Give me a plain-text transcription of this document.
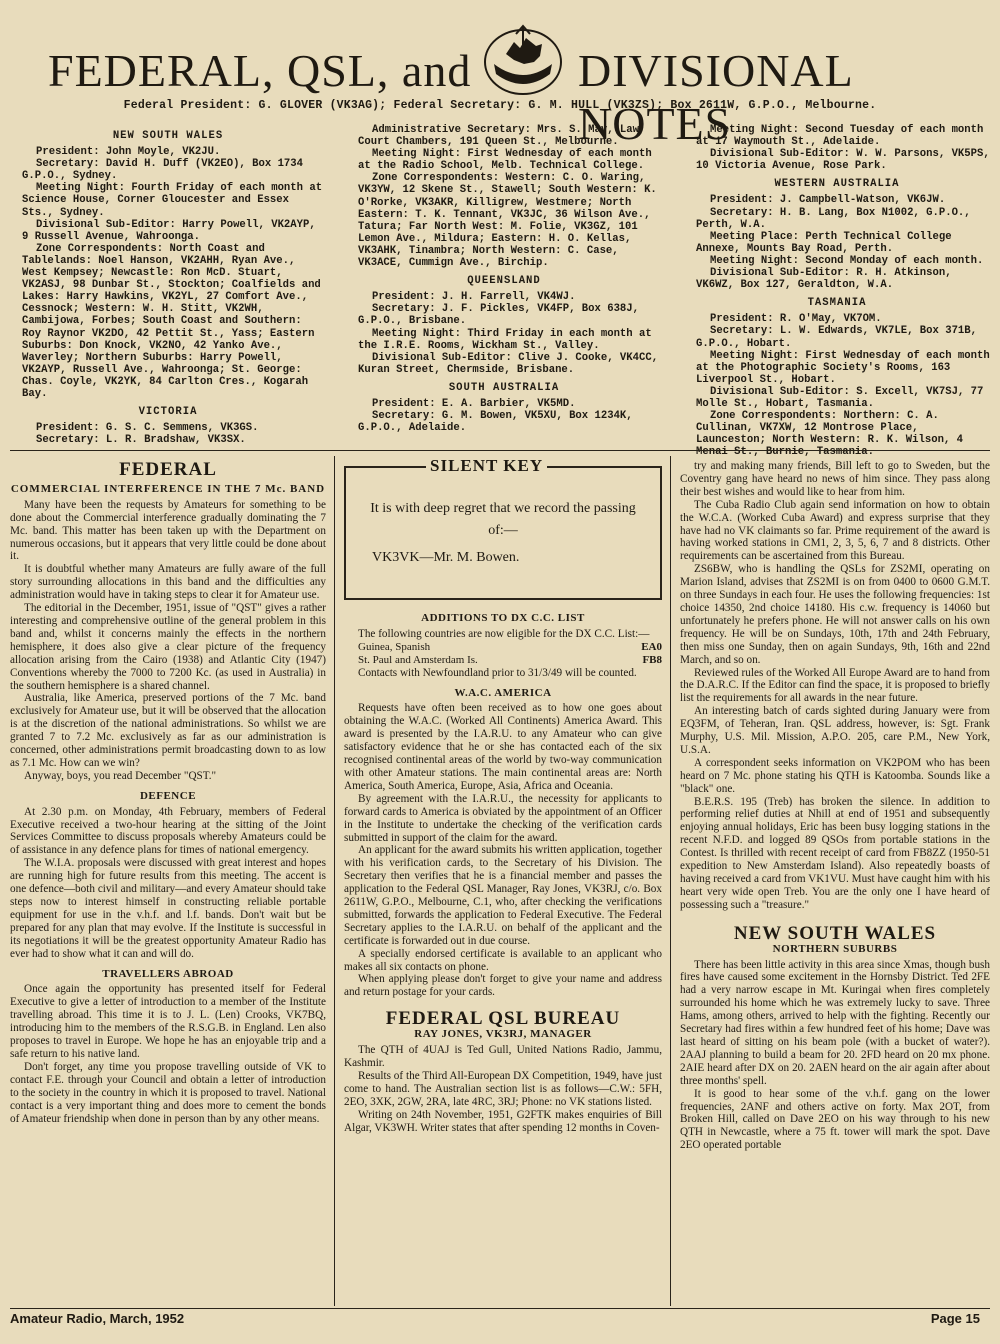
FEDERAL, QSL, and DIVISIONAL NOTES
Federal President: G. GLOVER (VK3AG); Federal Secretary: G. M. HULL (VK3ZS); Box 2611W, G.P.O., Melbourne.
NEW SOUTH WALES

President: John Moyle, VK2JU.

Secretary: David H. Duff (VK2EO), Box 1734 G.P.O., Sydney.

Meeting Night: Fourth Friday of each month at Science House, Corner Gloucester and Essex Sts., Sydney.

Divisional Sub-Editor: Harry Powell, VK2AYP, 9 Russell Avenue, Wahroonga.

Zone Correspondents: North Coast and Tablelands: Noel Hanson, VK2AHH, Ryan Ave., West Kempsey; Newcastle: Ron McD. Stuart, VK2ASJ, 98 Dunbar St., Stockton; Coalfields and Lakes: Harry Hawkins, VK2YL, 27 Comfort Ave., Cessnock; Western: W. H. Stitt, VK2WH, Cambijowa, Forbes; South Coast and Southern: Roy Raynor VK2DO, 42 Pettit St., Yass; Eastern Suburbs: Don Knock, VK2NO, 42 Yanko Ave., Waverley; Northern Suburbs: Harry Powell, VK2AYP, Russell Ave., Wahroonga; St. George: Chas. Coyle, VK2YK, 84 Carlton Cres., Kogarah Bay.

VICTORIA

President: G. S. C. Semmens, VK3GS.

Secretary: L. R. Bradshaw, VK3SX.

Administrative Secretary: Mrs. S. May, Law Court Chambers, 191 Queen St., Melbourne.

Meeting Night: First Wednesday of each month at the Radio School, Melb. Technical College.

Zone Correspondents: Western: C. O. Waring, VK3YW, 12 Skene St., Stawell; South Western: K. O'Rorke, VK3AKR, Killigrew, Westmere; North Eastern: T. K. Tennant, VK3JC, 36 Wilson Ave., Tatura; Far North West: M. Folie, VK3GZ, 101 Lemon Ave., Mildura; Eastern: H. O. Kellas, VK3AHK, Tinambra; North Western: C. Case, VK3ACE, Cummign Ave., Birchip.

QUEENSLAND

President: J. H. Farrell, VK4WJ.

Secretary: J. F. Pickles, VK4FP, Box 638J, G.P.O., Brisbane.

Meeting Night: Third Friday in each month at the I.R.E. Rooms, Wickham St., Valley.

Divisional Sub-Editor: Clive J. Cooke, VK4CC, Kuran Street, Chermside, Brisbane.

SOUTH AUSTRALIA

President: E. A. Barbier, VK5MD.

Secretary: G. M. Bowen, VK5XU, Box 1234K, G.P.O., Adelaide.

Meeting Night: Second Tuesday of each month at 17 Waymouth St., Adelaide.

Divisional Sub-Editor: W. W. Parsons, VK5PS, 10 Victoria Avenue, Rose Park.

WESTERN AUSTRALIA

President: J. Campbell-Watson, VK6JW.

Secretary: H. B. Lang, Box N1002, G.P.O., Perth, W.A.

Meeting Place: Perth Technical College Annexe, Mounts Bay Road, Perth.

Meeting Night: Second Monday of each month.

Divisional Sub-Editor: R. H. Atkinson, VK6WZ, Box 127, Geraldton, W.A.

TASMANIA

President: R. O'May, VK7OM.

Secretary: L. W. Edwards, VK7LE, Box 371B, G.P.O., Hobart.

Meeting Night: First Wednesday of each month at the Photographic Society's Rooms, 163 Liverpool St., Hobart.

Divisional Sub-Editor: S. Excell, VK7SJ, 77 Molle St., Hobart, Tasmania.

Zone Correspondents: Northern: C. A. Cullinan, VK7XW, 12 Montrose Place, Launceston; North Western: R. K. Wilson, 4 Menai St., Burnie, Tasmania.

FEDERAL
COMMERCIAL INTERFERENCE IN THE 7 Mc. BAND

Many have been the requests by Amateurs for something to be done about the Commercial interference gradually dominating the 7 Mc. band. This matter has been taken up with the Department on numerous occasions, but it appears that very little could be done about it.

It is doubtful whether many Amateurs are fully aware of the full story surrounding allocations in this band and the difficulties any administration would have in taking steps to clear it for Amateur use.

The editorial in the December, 1951, issue of "QST" gives a rather interesting and comprehensive outline of the general problem in this band and, whilst it concerns mainly the effects in the northern hemisphere, it does also give a clear picture of the frequency allocation arising from the Cairo (1938) and Atlantic City (1947) Conventions whereby the 7000 to 7200 Kc. (as used in Australia) in the southern hemisphere is a shared channel.

Australia, like America, preserved portions of the 7 Mc. band exclusively for Amateur use, but it will be observed that the allocation is at the discretion of the national administrations. So whilst we are granted 7 to 7.2 Mc. exclusively as far as our administration is concerned, other administrations permit broadcasting down to as low as 7.1 Mc. How can we win?

Anyway, boys, you read December "QST."

DEFENCE

At 2.30 p.m. on Monday, 4th February, members of Federal Executive received a two-hour hearing at the sitting of the Joint Services Committee to discuss proposals whereby Amateurs could be of assistance in any defence plans for times of national emergency.

The W.I.A. proposals were discussed with great interest and hopes are running high for future results from this meeting. The accent is one defence—both civil and military—and every Amateur should take steps now to interest himself in constructing reliable portable equipment for use in the v.h.f. and l.f. bands. Don't wait but be prepared for any plan that may evolve. If the Institute is successful in its negotiations it will be the greatest opportunity Amateur Radio has ever had to show what it can and will do.

TRAVELLERS ABROAD

Once again the opportunity has presented itself for Federal Executive to give a letter of introduction to a member of the Institute travelling abroad. This time it is to J. L. (Len) Crooks, VK7BQ, introducing him to the members of the R.S.G.B. in England. Len also proposes to travel in Europe. We hope he has an enjoyable trip and a safe return to his native land.

Don't forget, any time you propose travelling outside of VK to contact F.E. through your Council and obtain a letter of introduction to the society in the country in which it is proposed to travel. National contact is a very important thing and does more to cement the bonds of Amateur friendship when done in person than by any other means.

SILENT KEY
It is with deep regret that we record the passing of:—
VK3VK—Mr. M. Bowen.
ADDITIONS TO DX C.C. LIST

The following countries are now eligible for the DX C.C. List:—

Guinea, Spanish	EA0
St. Paul and Amsterdam Is.	FB8

Contacts with Newfoundland prior to 31/3/49 will be counted.

W.A.C. AMERICA

Requests have often been received as to how one goes about obtaining the W.A.C. (Worked All Continents) America Award. This award is presented by the I.A.R.U. to any Amateur who can give satisfactory evidence that he or she has contacted each of the six recognised continental areas of the world by two-way communication with other Amateur stations. The main continental areas are: North America, South America, Europe, Asia, Africa and Oceania.

By agreement with the I.A.R.U., the necessity for applicants to forward cards to America is obviated by the appointment of an Officer in the Institute to undertake the checking of the verification cards submitted in support of the claim for the award.

An applicant for the award submits his written application, together with his verification cards, to the Secretary of his Division. The Secretary then verifies that he is a financial member and passes the application to the Federal QSL Manager, Ray Jones, VK3RJ, c/o. Box 2611W, G.P.O., Melbourne, C.1, who, after checking the verifications submitted, forwards the application to Federal Executive. The Federal Secretary applies to the I.A.R.U. on behalf of the applicant and the certificate is forwarded out in due course.

A specially endorsed certificate is available to an applicant who makes all six contacts on phone.

When applying please don't forget to give your name and address and return postage for your cards.

FEDERAL QSL BUREAU
RAY JONES, VK3RJ, MANAGER

The QTH of 4UAJ is Ted Gull, United Nations Radio, Jammu, Kashmir.

Results of the Third All-European DX Competition, 1949, have just come to hand. The Australian section list is as follows—C.W.: 5FH, 2EO, 3XK, 2GW, 2RA, late 4RC, 3RJ; Phone: no VK stations listed.

Writing on 24th November, 1951, G2FTK makes enquiries of Bill Algar, VK3WH. Writer states that after spending 12 months in Coven-

try and making many friends, Bill left to go to Sweden, but the Coventry gang have heard no news of him since. They pass along their best wishes and would like to hear from him.

The Cuba Radio Club again send information on how to obtain the W.C.A. (Worked Cuba Award) and express surprise that they have had no VK claimants so far. Prime requirement of the award is having worked stations in CM1, 2, 3, 5, 6, 7 and 8 districts. Other requirements can be ascertained from this Bureau.

ZS6BW, who is handling the QSLs for ZS2MI, operating on Marion Island, advises that ZS2MI is on from 0400 to 0600 G.M.T. on three Sundays in each four. He uses the following frequencies: 1st choice 14350, 2nd choice 14180. His c.w. frequency is 14060 but unfortunately he prefers phone. He will not answer calls on his own frequency. He will be on Sundays, 10th, 17th and 24th February, then miss one Sunday, then on again Sundays, 9th, 16th and 22nd March, and so on.

Reviewed rules of the Worked All Europe Award are to hand from the D.A.R.C. If the Editor can find the space, it is proposed to briefly list the requirements for all awards in the near future.

An interesting batch of cards sighted during January were from EQ3FM, of Teheran, Iran. QSL address, however, is: Sgt. Frank Murphy, U.S. Mil. Mission, A.P.O. 205, care P.M., New York, U.S.A.

A correspondent seeks information on VK2POM who has been heard on 7 Mc. phone stating his QTH is Katoomba. Sounds like a "black" one.

B.E.R.S. 195 (Treb) has broken the silence. In addition to performing relief duties at Nhill at end of 1951 and subsequently enjoying annual holidays, Eric has been busy logging stations in the recent N.F.D. and logged 89 QSOs from portable stations in the Contest. Is thrilled with recent receipt of card from FB8ZZ (1950-51 expedition to New Amsterdam Island). Also repeatedly boasts of having received a card from VK1VU. Must have caught him with his heart very wide open Treb. You are the only one I have heard of possessing such a "treasure."

NEW SOUTH WALES
NORTHERN SUBURBS

There has been little activity in this area since Xmas, though bush fires have caused some excitement in the Hornsby District. Ted 2FE had a very narrow escape in Mt. Kuringai when fires completely surrounded his home which he was extremely lucky to save. Three Hams, among others, arrived to help with the fighting. Recently our Secretary had fires within a few hundred feet of his home; Dave was last heard of sitting on his beam pole (with a bucket of water?). 2AAJ planning to build a beam for 20. 2FD heard on 20 mx phone. 2AIE heard after DX on 20. 2AEN heard on the air again after about three months' spell.

It is good to hear some of the v.h.f. gang on the lower frequencies, 2ANF and others active on forty. Max 2OT, from Broken Hill, called on Dave 2EO on his way through to his new QTH in Newcastle, where a 75 ft. tower will mark the spot. Dave 2EO operated portable

Amateur Radio, March, 1952	Page 15
